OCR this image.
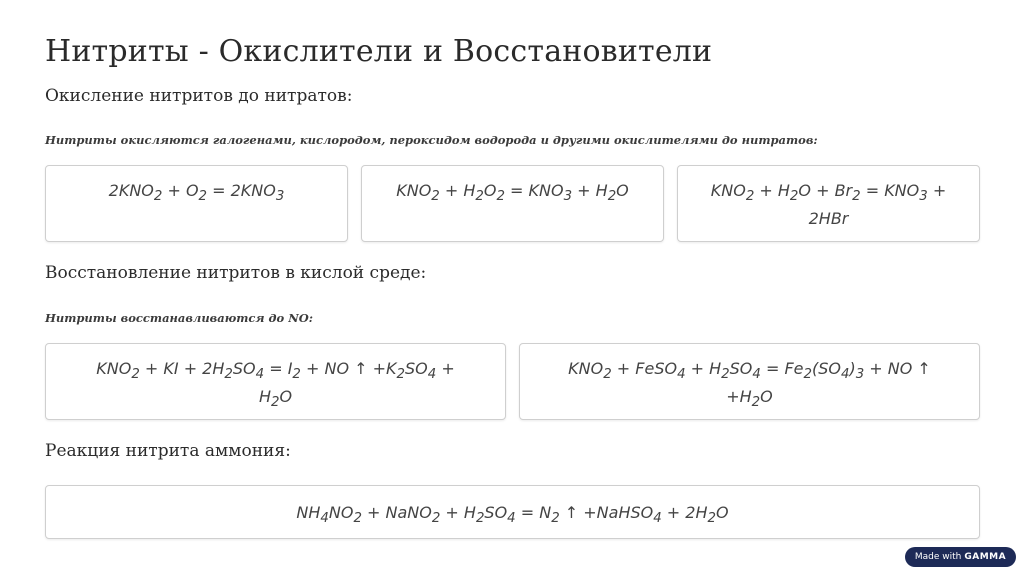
Нитриты - Окислители и Восстановители
Окисление нитритов до нитратов:
Нитриты окисляются галогенами, кислородом, пероксидом водорода и другими окислителями до нитратов:
$2KNO_2 + O_2 = 2KNO_3$	$KNO_2 + H_2O_2 = KNO_3 + H_2O$	$KNO_2 + H_2O + Br_2 = KNO_3$ +
2HBr
Восстановление нитритов в кислой среде:
Нитриты восстанавливаются до NO:
$KNO_2$ + KI + $2H_2SO_4 = I_2$ + NO ↑ $+K_2SO_4$ +
$H_2O$
$KNO_2$ + FeSO$_4$ + $H_2SO_4 = Fe_2(SO_4)_3$ + NO ↑
$+H_2O$
Реакция нитрита аммония:
$NH_4NO_2$ + NaNO$_2$ + $H_2SO_4 = N_2$ ↑ +NaHSO$_4$ + $2H_2O$
Made with GAMMA
